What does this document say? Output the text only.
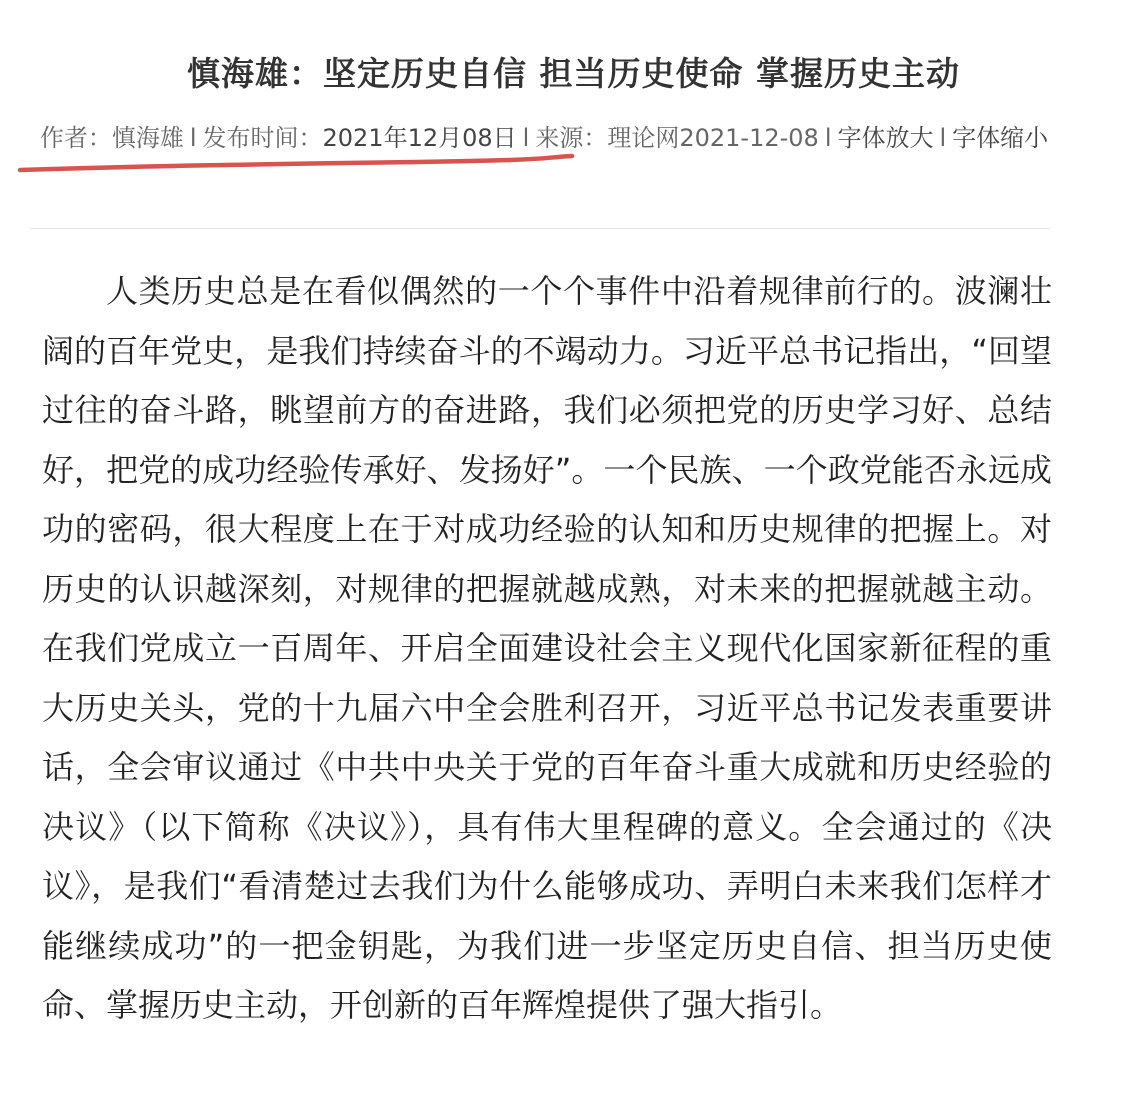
慎海雄：坚定历史自信 担当历史使命 掌握历史主动
作者：慎海雄 l 发布时间：2021年12月08日 l 来源：理论网2021-12-08 l 字体放大 l 字体缩小

人类历史总是在看似偶然的一个个事件中沿着规律前行的。波澜壮阔的百年党史，是我们持续奋斗的不竭动力。习近平总书记指出，“回望过往的奋斗路，眺望前方的奋进路，我们必须把党的历史学习好、总结好，把党的成功经验传承好、发扬好”。一个民族、一个政党能否永远成功的密码，很大程度上在于对成功经验的认知和历史规律的把握上。对历史的认识越深刻，对规律的把握就越成熟，对未来的把握就越主动。在我们党成立一百周年、开启全面建设社会主义现代化国家新征程的重大历史关头，党的十九届六中全会胜利召开，习近平总书记发表重要讲话，全会审议通过《中共中央关于党的百年奋斗重大成就和历史经验的决议》（以下简称《决议》），具有伟大里程碑的意义。全会通过的《决议》，是我们“看清楚过去我们为什么能够成功、弄明白未来我们怎样才能继续成功”的一把金钥匙，为我们进一步坚定历史自信、担当历史使命、掌握历史主动，开创新的百年辉煌提供了强大指引。
